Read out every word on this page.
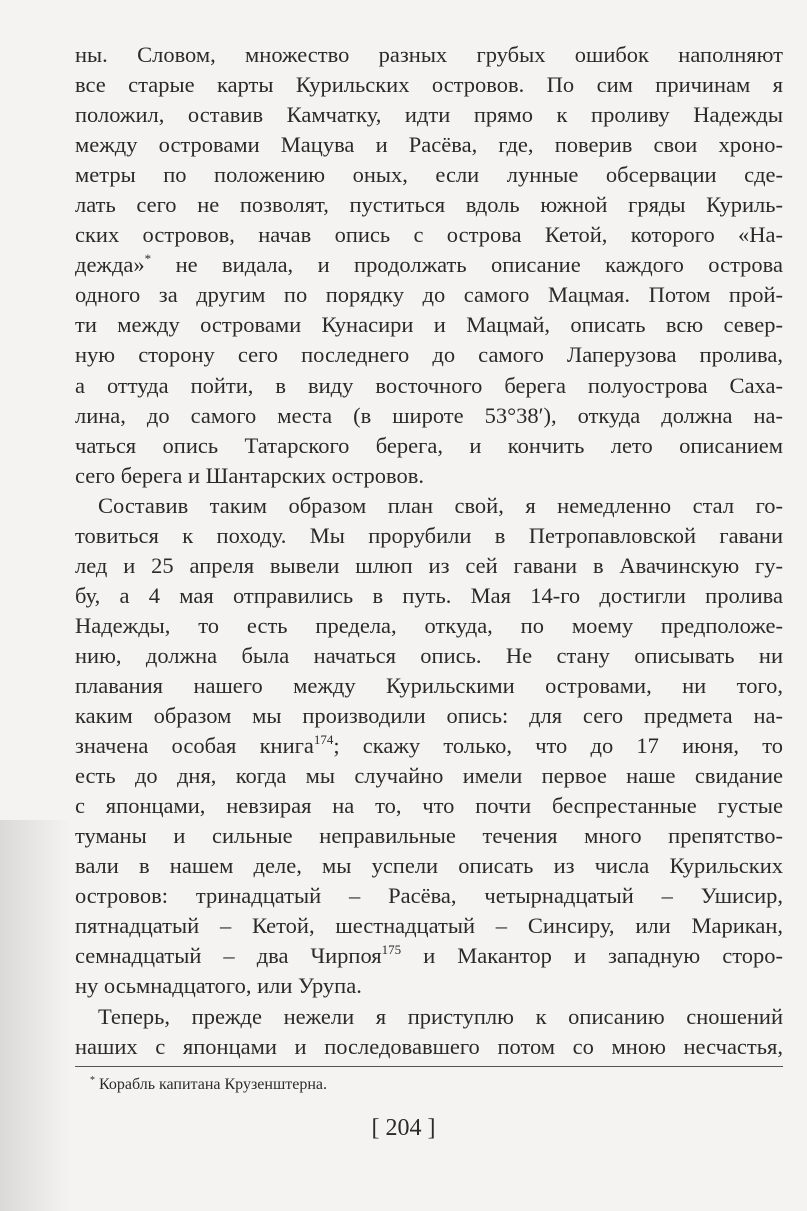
ны. Словом, множество разных грубых ошибок наполняют
все старые карты Курильских островов. По сим причинам я
положил, оставив Камчатку, идти прямо к проливу Надежды
между островами Мацува и Расёва, где, поверив свои хроно-
метры по положению оных, если лунные обсервации сде-
лать сего не позволят, пуститься вдоль южной гряды Куриль-
ских островов, начав опись с острова Кетой, которого «На-
дежда»* не видала, и продолжать описание каждого острова
одного за другим по порядку до самого Мацмая. Потом прой-
ти между островами Кунасири и Мацмай, описать всю север-
ную сторону сего последнего до самого Лаперузова пролива,
а оттуда пойти, в виду восточного берега полуострова Саха-
лина, до самого места (в широте 53°38′), откуда должна на-
чаться опись Татарского берега, и кончить лето описанием
сего берега и Шантарских островов.
Составив таким образом план свой, я немедленно стал го-
товиться к походу. Мы прорубили в Петропавловской гавани
лед и 25 апреля вывели шлюп из сей гавани в Авачинскую гу-
бу, а 4 мая отправились в путь. Мая 14-го достигли пролива
Надежды, то есть предела, откуда, по моему предположе-
нию, должна была начаться опись. Не стану описывать ни
плавания нашего между Курильскими островами, ни того,
каким образом мы производили опись: для сего предмета на-
значена особая книга$^{174}$; скажу только, что до 17 июня, то
есть до дня, когда мы случайно имели первое наше свидание
с японцами, невзирая на то, что почти беспрестанные густые
туманы и сильные неправильные течения много препятство-
вали в нашем деле, мы успели описать из числа Курильских
островов: тринадцатый – Расёва, четырнадцатый – Ушисир,
пятнадцатый – Кетой, шестнадцатый – Синсиру, или Марикан,
семнадцатый – два Чирпоя$^{175}$ и Макантор и западную сторо-
ну осьмнадцатого, или Урупа.
Теперь, прежде нежели я приступлю к описанию сношений
наших с японцами и последовавшего потом со мною несчастья,
* Корабль капитана Крузенштерна.
[ 204 ]
